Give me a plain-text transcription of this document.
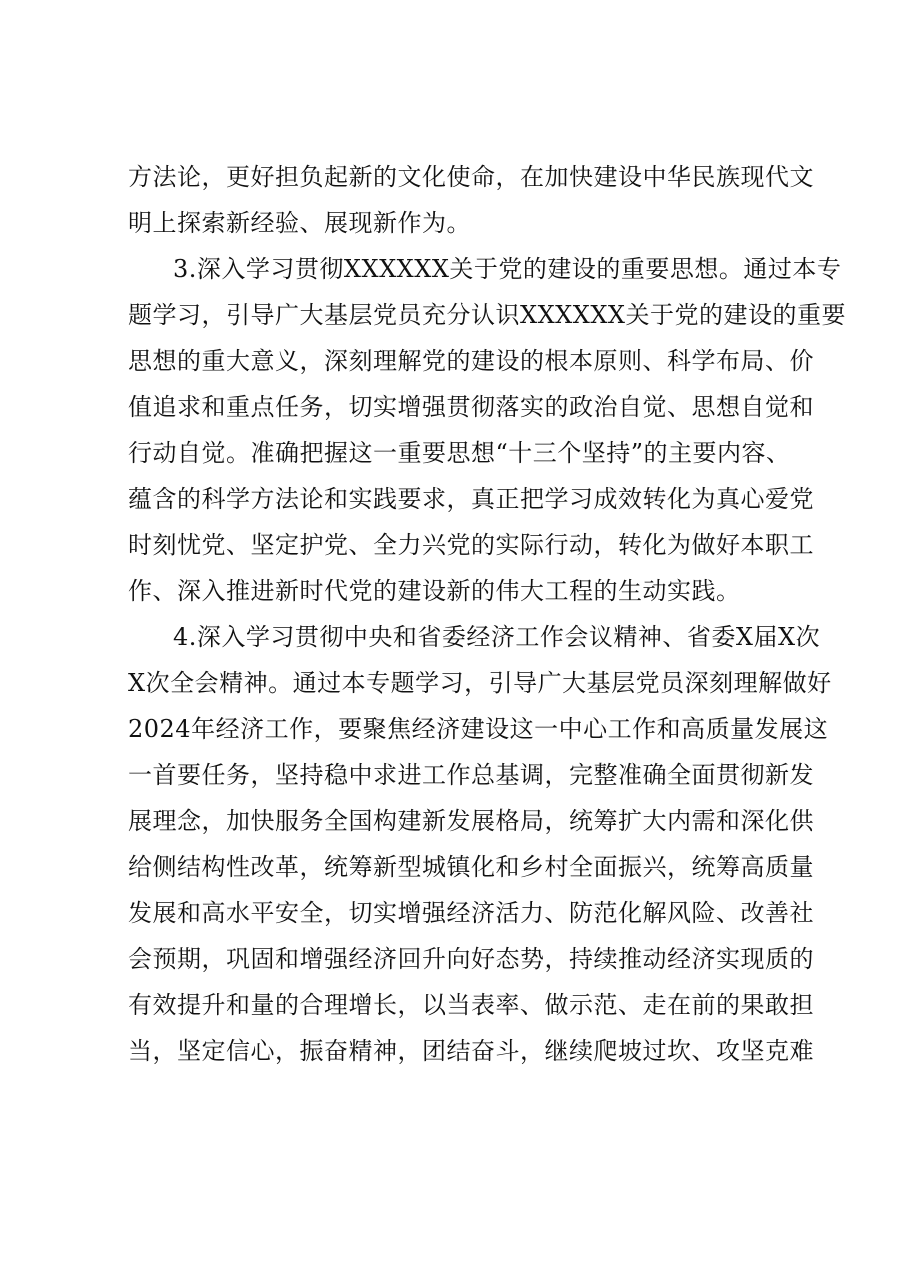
方法论，更好担负起新的文化使命，在加快建设中华民族现代文
明上探索新经验、展现新作为。
3.深入学习贯彻XXXXXX关于党的建设的重要思想。通过本专
题学习，引导广大基层党员充分认识XXXXXX关于党的建设的重要
思想的重大意义，深刻理解党的建设的根本原则、科学布局、价
值追求和重点任务，切实增强贯彻落实的政治自觉、思想自觉和
行动自觉。准确把握这一重要思想“十三个坚持”的主要内容、
蕴含的科学方法论和实践要求，真正把学习成效转化为真心爱党
时刻忧党、坚定护党、全力兴党的实际行动，转化为做好本职工
作、深入推进新时代党的建设新的伟大工程的生动实践。
4.深入学习贯彻中央和省委经济工作会议精神、省委X届X次
X次全会精神。通过本专题学习，引导广大基层党员深刻理解做好
2024年经济工作，要聚焦经济建设这一中心工作和高质量发展这
一首要任务，坚持稳中求进工作总基调，完整准确全面贯彻新发
展理念，加快服务全国构建新发展格局，统筹扩大内需和深化供
给侧结构性改革，统筹新型城镇化和乡村全面振兴，统筹高质量
发展和高水平安全，切实增强经济活力、防范化解风险、改善社
会预期，巩固和增强经济回升向好态势，持续推动经济实现质的
有效提升和量的合理增长，以当表率、做示范、走在前的果敢担
当，坚定信心，振奋精神，团结奋斗，继续爬坡过坎、攻坚克难
